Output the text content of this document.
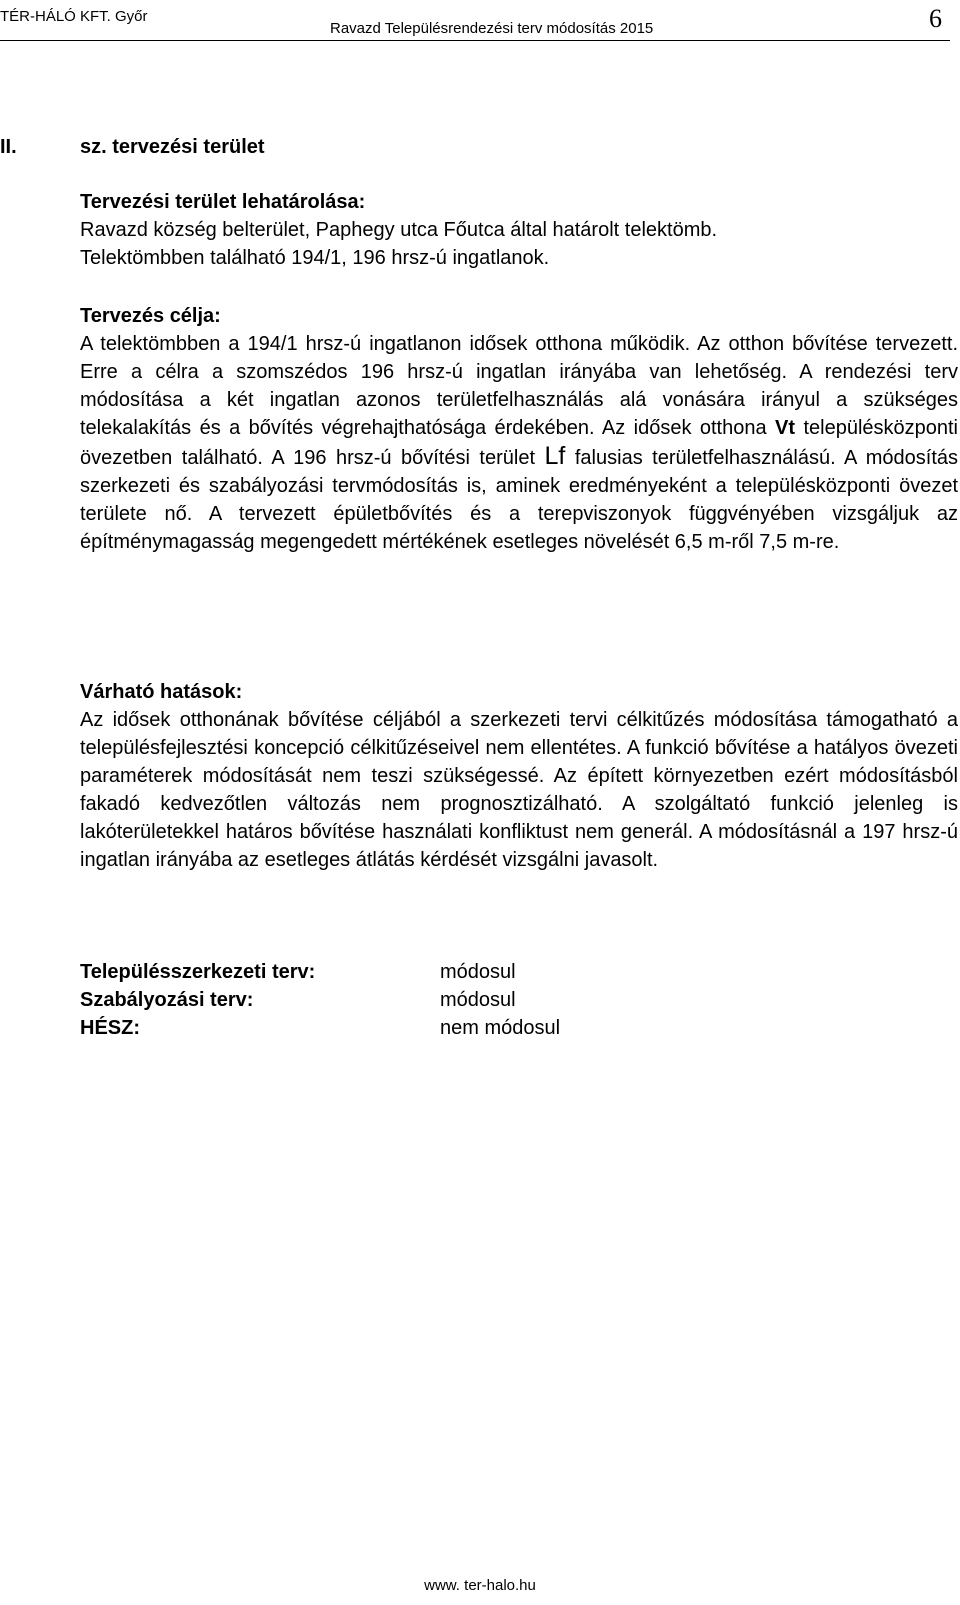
TÉR-HÁLÓ KFT. Győr
Ravazd Településrendezési terv módosítás 2015	6
II.	sz. tervezési terület
Tervezési terület lehatárolása:
Ravazd község belterület, Paphegy utca Főutca által határolt telektömb.
Telektömbben található 194/1, 196 hrsz-ú ingatlanok.
Tervezés célja:
A telektömbben a 194/1 hrsz-ú ingatlanon idősek otthona működik. Az otthon bővítése tervezett. Erre a célra a szomszédos 196 hrsz-ú ingatlan irányába van lehetőség. A rendezési terv módosítása a két ingatlan azonos területfelhasználás alá vonására irányul a szükséges telekalakítás és a bővítés végrehajthatósága érdekében. Az idősek otthona Vt településközponti övezetben található. A 196 hrsz-ú bővítési terület Lf falusias területfelhasználású. A módosítás szerkezeti és szabályozási tervmódosítás is, aminek eredményeként a településközponti övezet területe nő. A tervezett épületbővítés és a terepviszonyok függvényében vizsgáljuk az építménymagasság megengedett mértékének esetleges növelését 6,5 m-ről 7,5 m-re.
Várható hatások:
Az idősek otthonának bővítése céljából a szerkezeti tervi célkitűzés módosítása támogatható a településfejlesztési koncepció célkitűzéseivel nem ellentétes. A funkció bővítése a hatályos övezeti paraméterek módosítását nem teszi szükségessé. Az épített környezetben ezért módosításból fakadó kedvezőtlen változás nem prognosztizálható. A szolgáltató funkció jelenleg is lakóterületekkel határos bővítése használati konfliktust nem generál. A módosításnál a 197 hrsz-ú ingatlan irányába az esetleges átlátás kérdését vizsgálni javasolt.
Településszerkezeti terv:	módosul
Szabályozási terv:	módosul
HÉSZ:	nem módosul
www. ter-halo.hu
